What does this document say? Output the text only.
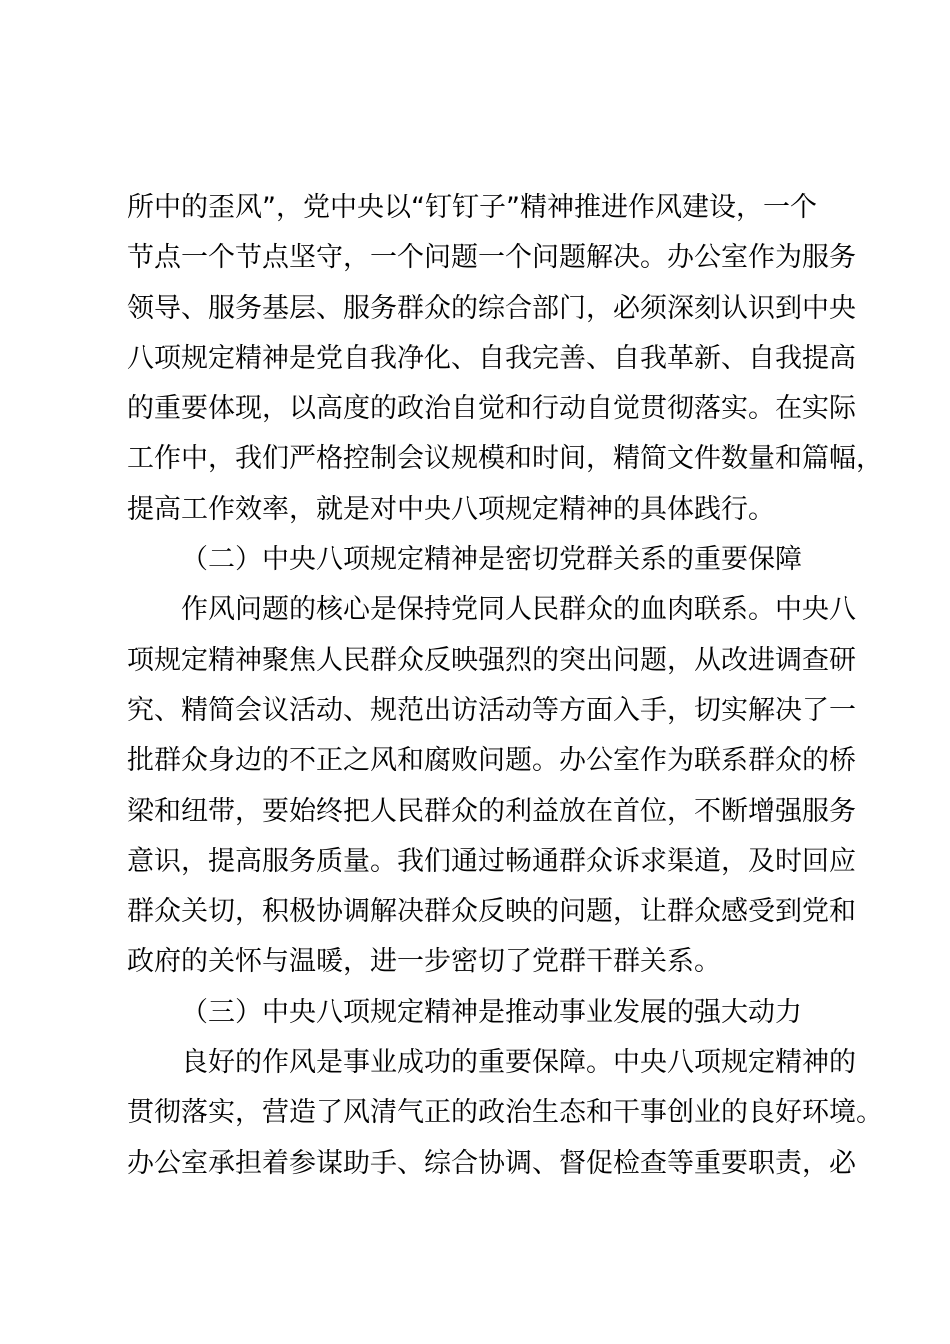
所中的歪风”，党中央以“钉钉子”精神推进作风建设，一个
节点一个节点坚守，一个问题一个问题解决。办公室作为服务
领导、服务基层、服务群众的综合部门，必须深刻认识到中央
八项规定精神是党自我净化、自我完善、自我革新、自我提高
的重要体现，以高度的政治自觉和行动自觉贯彻落实。在实际
工作中，我们严格控制会议规模和时间，精简文件数量和篇幅，
提高工作效率，就是对中央八项规定精神的具体践行。
（二）中央八项规定精神是密切党群关系的重要保障
作风问题的核心是保持党同人民群众的血肉联系。中央八
项规定精神聚焦人民群众反映强烈的突出问题，从改进调查研
究、精简会议活动、规范出访活动等方面入手，切实解决了一
批群众身边的不正之风和腐败问题。办公室作为联系群众的桥
梁和纽带，要始终把人民群众的利益放在首位，不断增强服务
意识，提高服务质量。我们通过畅通群众诉求渠道，及时回应
群众关切，积极协调解决群众反映的问题，让群众感受到党和
政府的关怀与温暖，进一步密切了党群干群关系。
（三）中央八项规定精神是推动事业发展的强大动力
良好的作风是事业成功的重要保障。中央八项规定精神的
贯彻落实，营造了风清气正的政治生态和干事创业的良好环境。
办公室承担着参谋助手、综合协调、督促检查等重要职责，必
